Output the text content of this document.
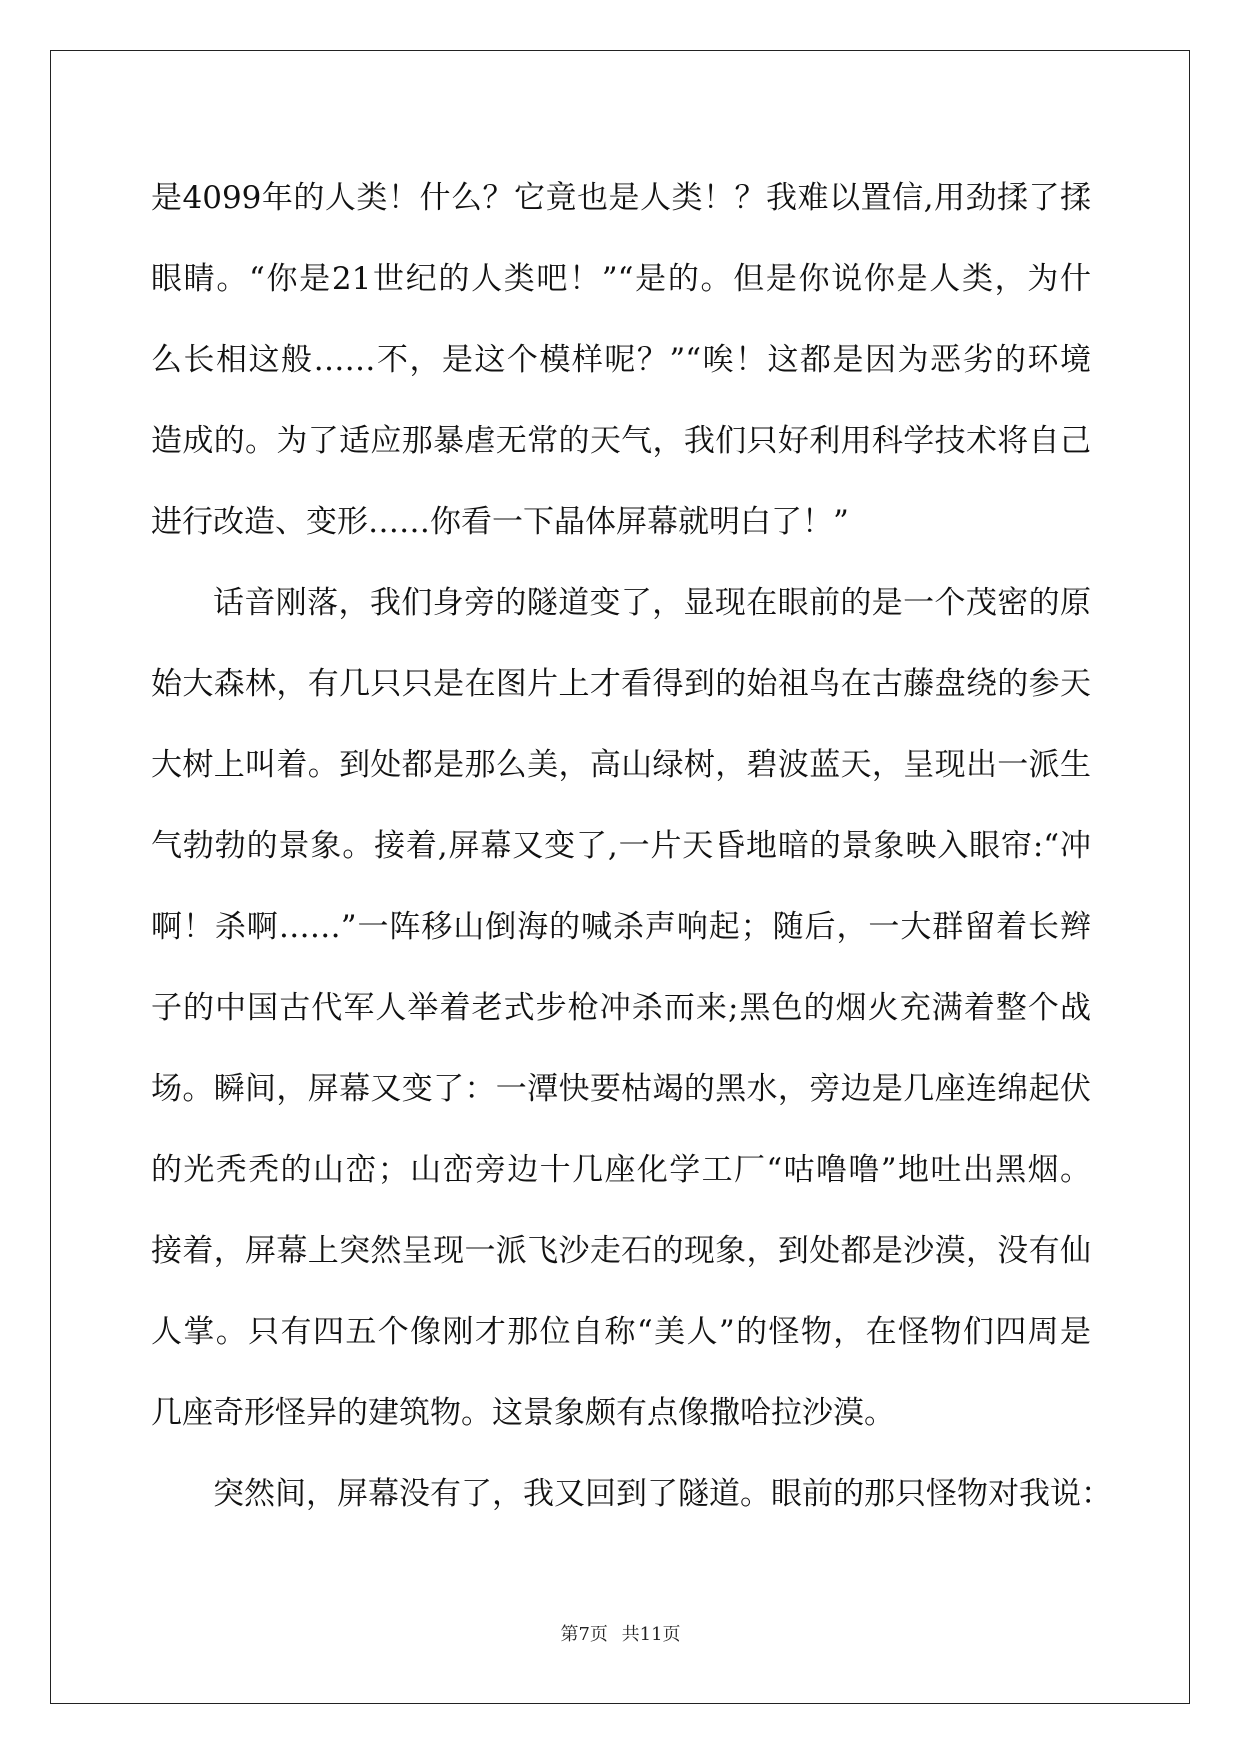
是4099年的人类！什么？它竟也是人类！？我难以置信,用劲揉了揉
眼睛。“你是21世纪的人类吧！”“是的。但是你说你是人类，为什
么长相这般……不，是这个模样呢？”“唉！这都是因为恶劣的环境
造成的。为了适应那暴虐无常的天气，我们只好利用科学技术将自己
进行改造、变形……你看一下晶体屏幕就明白了！”
话音刚落，我们身旁的隧道变了，显现在眼前的是一个茂密的原
始大森林，有几只只是在图片上才看得到的始祖鸟在古藤盘绕的参天
大树上叫着。到处都是那么美，高山绿树，碧波蓝天，呈现出一派生
气勃勃的景象。接着,屏幕又变了,一片天昏地暗的景象映入眼帘:“冲
啊！杀啊……”一阵移山倒海的喊杀声响起；随后，一大群留着长辫
子的中国古代军人举着老式步枪冲杀而来;黑色的烟火充满着整个战
场。瞬间，屏幕又变了：一潭快要枯竭的黑水，旁边是几座连绵起伏
的光秃秃的山峦；山峦旁边十几座化学工厂“咕噜噜”地吐出黑烟。
接着，屏幕上突然呈现一派飞沙走石的现象，到处都是沙漠，没有仙
人掌。只有四五个像刚才那位自称“美人”的怪物，在怪物们四周是
几座奇形怪异的建筑物。这景象颇有点像撒哈拉沙漠。
突然间，屏幕没有了，我又回到了隧道。眼前的那只怪物对我说：
第7页 共11页
